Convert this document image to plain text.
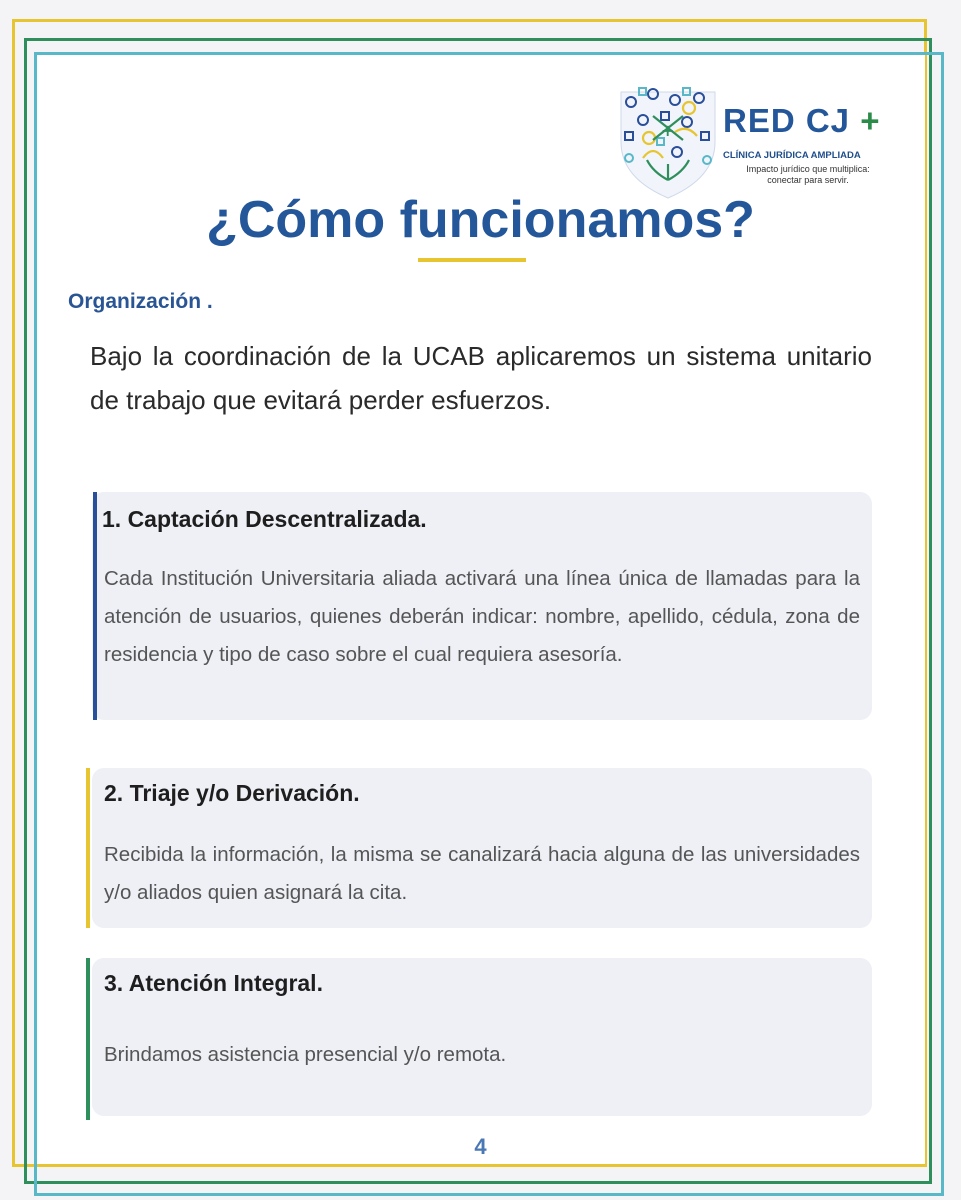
+ RED CJ +
CLÍNICA JURÍDICA AMPLIADA
Impacto jurídico que multiplica:
conectar para servir.
¿Cómo funcionamos?
Organización .

Bajo la coordinación de la UCAB aplicaremos un sistema unitario de trabajo que evitará perder esfuerzos.

1. Captación Descentralizada.

Cada Institución Universitaria aliada activará una línea única de llamadas para la atención de usuarios, quienes deberán indicar: nombre, apellido, cédula, zona de residencia y tipo de caso sobre el cual requiera asesoría.

2. Triaje y/o Derivación.

Recibida la información, la misma se canalizará hacia alguna de las universidades y/o aliados quien asignará la cita.

3. Atención Integral.

Brindamos asistencia presencial y/o remota.

4
